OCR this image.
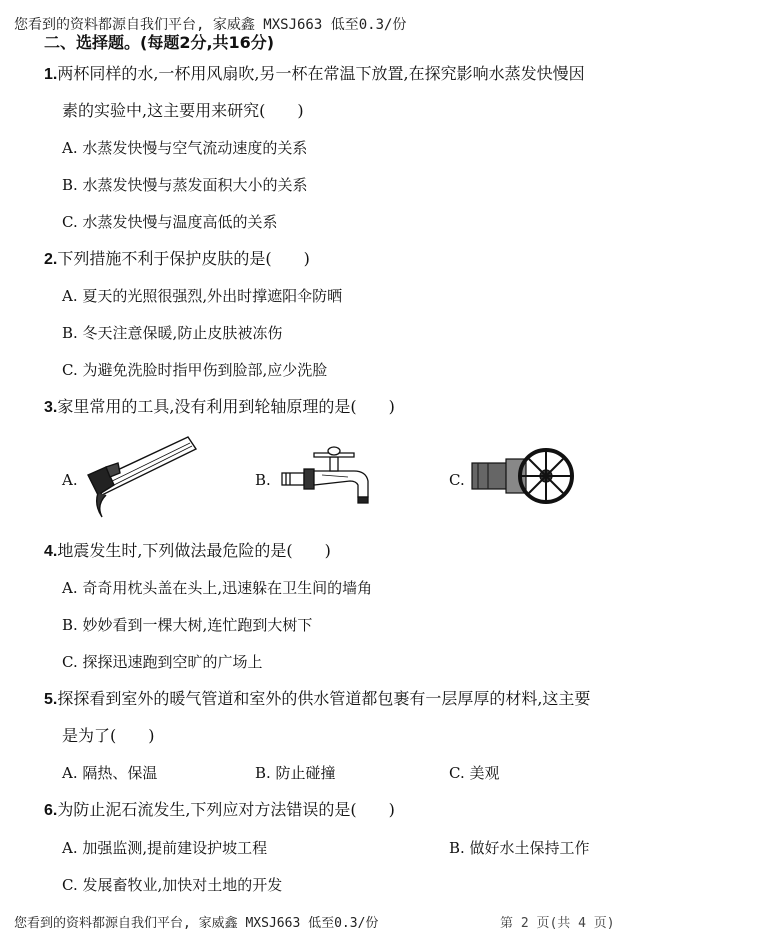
您看到的资料都源自我们平台, 家威鑫 MXSJ663 低至0.3/份
二、选择题。(每题2分,共16分)
1.两杯同样的水,一杯用风扇吹,另一杯在常温下放置,在探究影响水蒸发快慢因
素的实验中,这主要用来研究(　　)
A. 水蒸发快慢与空气流动速度的关系
B. 水蒸发快慢与蒸发面积大小的关系
C. 水蒸发快慢与温度高低的关系
2.下列措施不利于保护皮肤的是(　　)
A. 夏天的光照很强烈,外出时撑遮阳伞防晒
B. 冬天注意保暖,防止皮肤被冻伤
C. 为避免洗脸时指甲伤到脸部,应少洗脸
3.家里常用的工具,没有利用到轮轴原理的是(　　)
A.	B.	C.
4.地震发生时,下列做法最危险的是(　　)
A. 奇奇用枕头盖在头上,迅速躲在卫生间的墙角
B. 妙妙看到一棵大树,连忙跑到大树下
C. 探探迅速跑到空旷的广场上
5.探探看到室外的暖气管道和室外的供水管道都包裹有一层厚厚的材料,这主要
是为了(　　)
A. 隔热、保温	B. 防止碰撞	C. 美观
6.为防止泥石流发生,下列应对方法错误的是(　　)
A. 加强监测,提前建设护坡工程	B. 做好水土保持工作
C. 发展畜牧业,加快对土地的开发
您看到的资料都源自我们平台, 家威鑫 MXSJ663 低至0.3/份	第 2 页(共 4 页)
